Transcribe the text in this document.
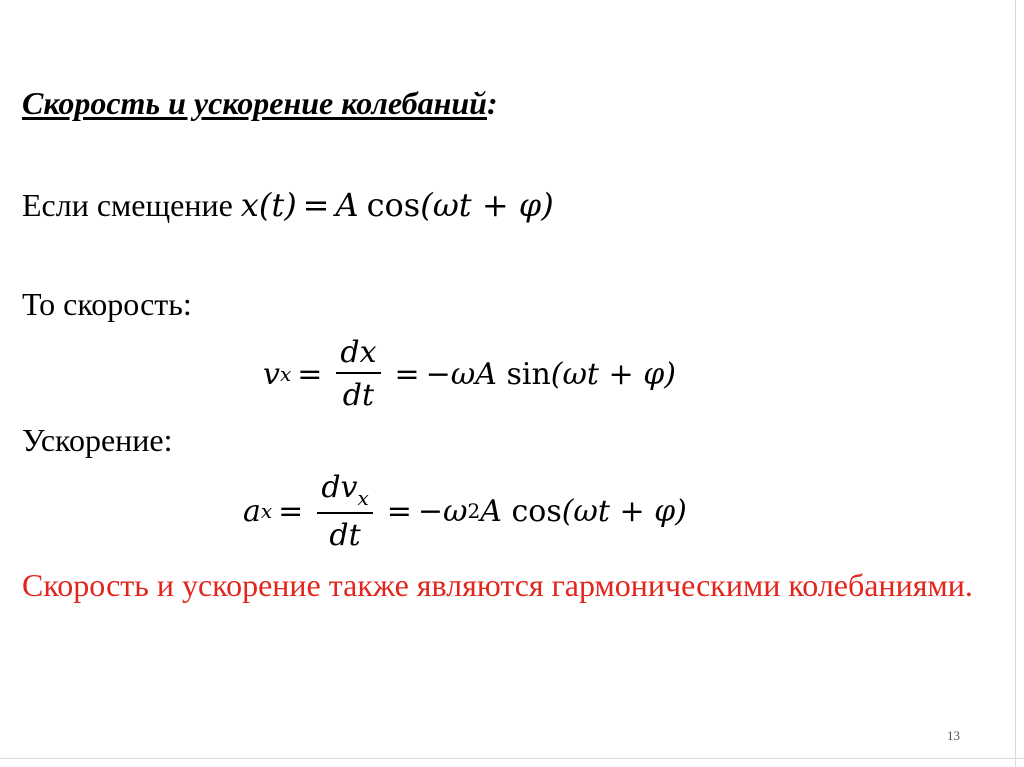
Скорость и ускорение колебаний:
Если смещение x(t) = A cos(ωt + φ)
То скорость:
v $x = \frac{dx}{dt} = -\omega A$
sin (ωt + φ)
Ускорение:
a $x = \frac{dv_x}{dt} = -\omega$ 2 A
cos (ωt + φ)
Скорость и ускорение также являются гармоническими колебаниями.
13
